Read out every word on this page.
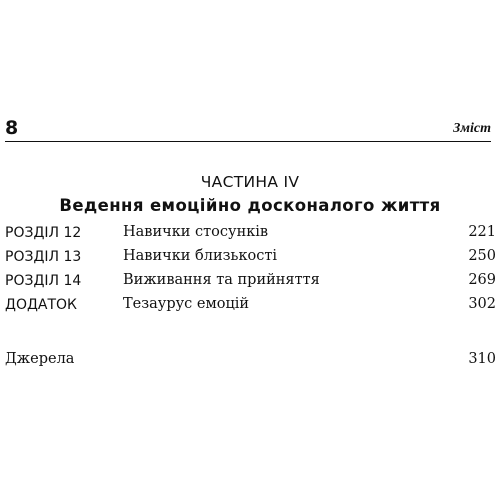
8	Зміст
ЧАСТИНА IV
Ведення емоційно досконалого життя
РОЗДІЛ 12	Навички стосунків	221
РОЗДІЛ 13	Навички близькості	250
РОЗДІЛ 14	Виживання та прийняття	269
ДОДАТОК	Тезаурус емоцій	302
Джерела	310
